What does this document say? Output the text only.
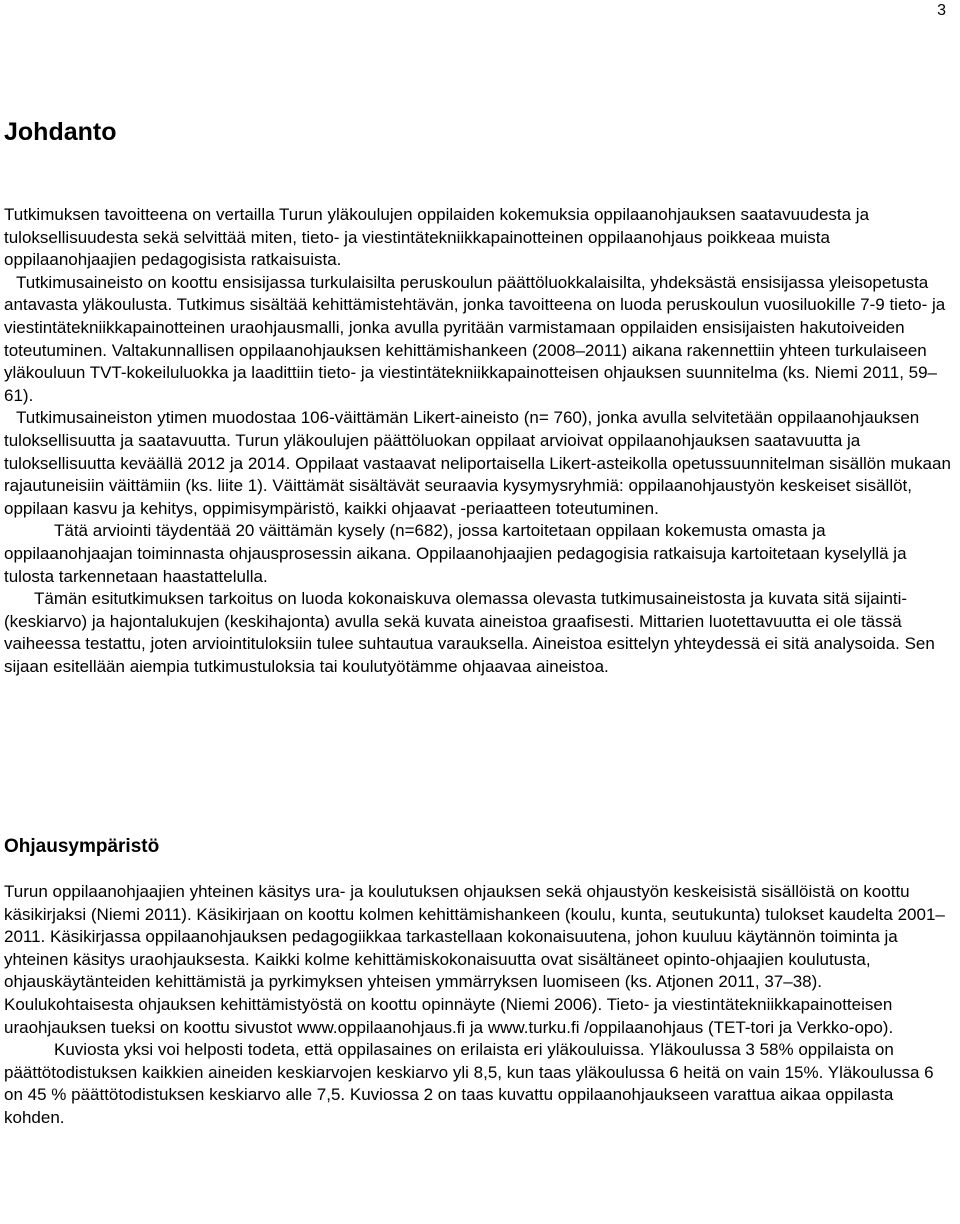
3
Johdanto

Tutkimuksen tavoitteena on vertailla Turun yläkoulujen oppilaiden kokemuksia oppilaanohjauksen saatavuudesta ja tuloksellisuudesta sekä selvittää miten, tieto- ja viestintätekniikkapainotteinen oppilaanohjaus poikkeaa muista oppilaanohjaajien pedagogisista ratkaisuista.

Tutkimusaineisto on koottu ensisijassa turkulaisilta peruskoulun päättöluokkalaisilta, yhdeksästä ensisijassa yleisopetusta antavasta yläkoulusta. Tutkimus sisältää kehittämistehtävän, jonka tavoitteena on luoda peruskoulun vuosiluokille 7-9 tieto- ja viestintätekniikkapainotteinen uraohjausmalli, jonka avulla pyritään varmistamaan oppilaiden ensisijaisten hakutoiveiden toteutuminen. Valtakunnallisen oppilaanohjauksen kehittämishankeen (2008–2011) aikana rakennettiin yhteen turkulaiseen yläkouluun TVT-kokeiluluokka ja laadittiin tieto- ja viestintätekniikkapainotteisen ohjauksen suunnitelma (ks. Niemi 2011, 59–61).

Tutkimusaineiston ytimen muodostaa 106-väittämän Likert-aineisto (n= 760), jonka avulla selvitetään oppilaanohjauksen tuloksellisuutta ja saatavuutta. Turun yläkoulujen päättöluokan oppilaat arvioivat oppilaanohjauksen saatavuutta ja tuloksellisuutta keväällä 2012 ja 2014. Oppilaat vastaavat neliportaisella Likert-asteikolla opetussuunnitelman sisällön mukaan rajautuneisiin väittämiin (ks. liite 1). Väittämät sisältävät seuraavia kysymysryhmiä: oppilaanohjaustyön keskeiset sisällöt, oppilaan kasvu ja kehitys, oppimisympäristö, kaikki ohjaavat -periaatteen toteutuminen.

Tätä arviointi täydentää 20 väittämän kysely (n=682), jossa kartoitetaan oppilaan kokemusta omasta ja oppilaanohjaajan toiminnasta ohjausprosessin aikana. Oppilaanohjaajien pedagogisia ratkaisuja kartoitetaan kyselyllä ja tulosta tarkennetaan haastattelulla.

Tämän esitutkimuksen tarkoitus on luoda kokonaiskuva olemassa olevasta tutkimusaineistosta ja kuvata sitä sijainti- (keskiarvo) ja hajontalukujen (keskihajonta) avulla sekä kuvata aineistoa graafisesti. Mittarien luotettavuutta ei ole tässä vaiheessa testattu, joten arviointituloksiin tulee suhtautua varauksella. Aineistoa esittelyn yhteydessä ei sitä analysoida. Sen sijaan esitellään aiempia tutkimustuloksia tai koulutyötämme ohjaavaa aineistoa.

Ohjausympäristö

Turun oppilaanohjaajien yhteinen käsitys ura- ja koulutuksen ohjauksen sekä ohjaustyön keskeisistä sisällöistä on koottu käsikirjaksi (Niemi 2011). Käsikirjaan on koottu kolmen kehittämishankeen (koulu, kunta, seutukunta) tulokset kaudelta 2001–2011. Käsikirjassa oppilaanohjauksen pedagogiikkaa tarkastellaan kokonaisuutena, johon kuuluu käytännön toiminta ja yhteinen käsitys uraohjauksesta. Kaikki kolme kehittämiskokonaisuutta ovat sisältäneet opinto-ohjaajien koulutusta, ohjauskäytänteiden kehittämistä ja pyrkimyksen yhteisen ymmärryksen luomiseen (ks. Atjonen 2011, 37–38). Koulukohtaisesta ohjauksen kehittämistyöstä on koottu opinnäyte (Niemi 2006). Tieto- ja viestintätekniikkapainotteisen uraohjauksen tueksi on koottu sivustot www.oppilaanohjaus.fi ja www.turku.fi /oppilaanohjaus (TET-tori ja Verkko-opo).

Kuviosta yksi voi helposti todeta, että oppilasaines on erilaista eri yläkouluissa. Yläkoulussa 3 58% oppilaista on päättötodistuksen kaikkien aineiden keskiarvojen keskiarvo yli 8,5, kun taas yläkoulussa 6 heitä on vain 15%. Yläkoulussa 6 on 45 % päättötodistuksen keskiarvo alle 7,5. Kuviossa 2 on taas kuvattu oppilaanohjaukseen varattua aikaa oppilasta kohden.
